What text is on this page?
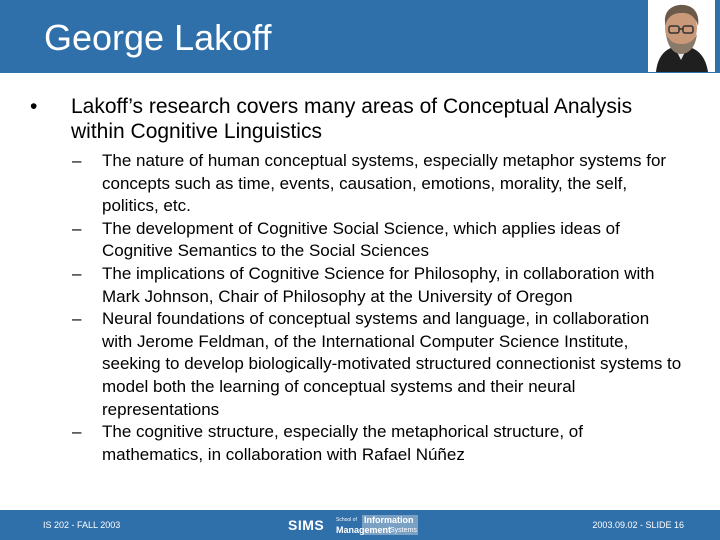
George Lakoff
• Lakoff’s research covers many areas of Conceptual Analysis within Cognitive Linguistics

– The nature of human conceptual systems, especially metaphor systems for concepts such as time, events, causation, emotions, morality, the self, politics, etc.

– The development of Cognitive Social Science, which applies ideas of Cognitive Semantics to the Social Sciences

– The implications of Cognitive Science for Philosophy, in collaboration with Mark Johnson, Chair of Philosophy at the University of Oregon

– Neural foundations of conceptual systems and language, in collaboration with Jerome Feldman, of the International Computer Science Institute, seeking to develop biologically-motivated structured connectionist systems to model both the learning of conceptual systems and their neural representations

– The cognitive structure, especially the metaphorical structure, of mathematics, in collaboration with Rafael Núñez

IS 202 - FALL 2003	SIMS School of Information
Management
Systems
2003.09.02 - SLIDE 16
